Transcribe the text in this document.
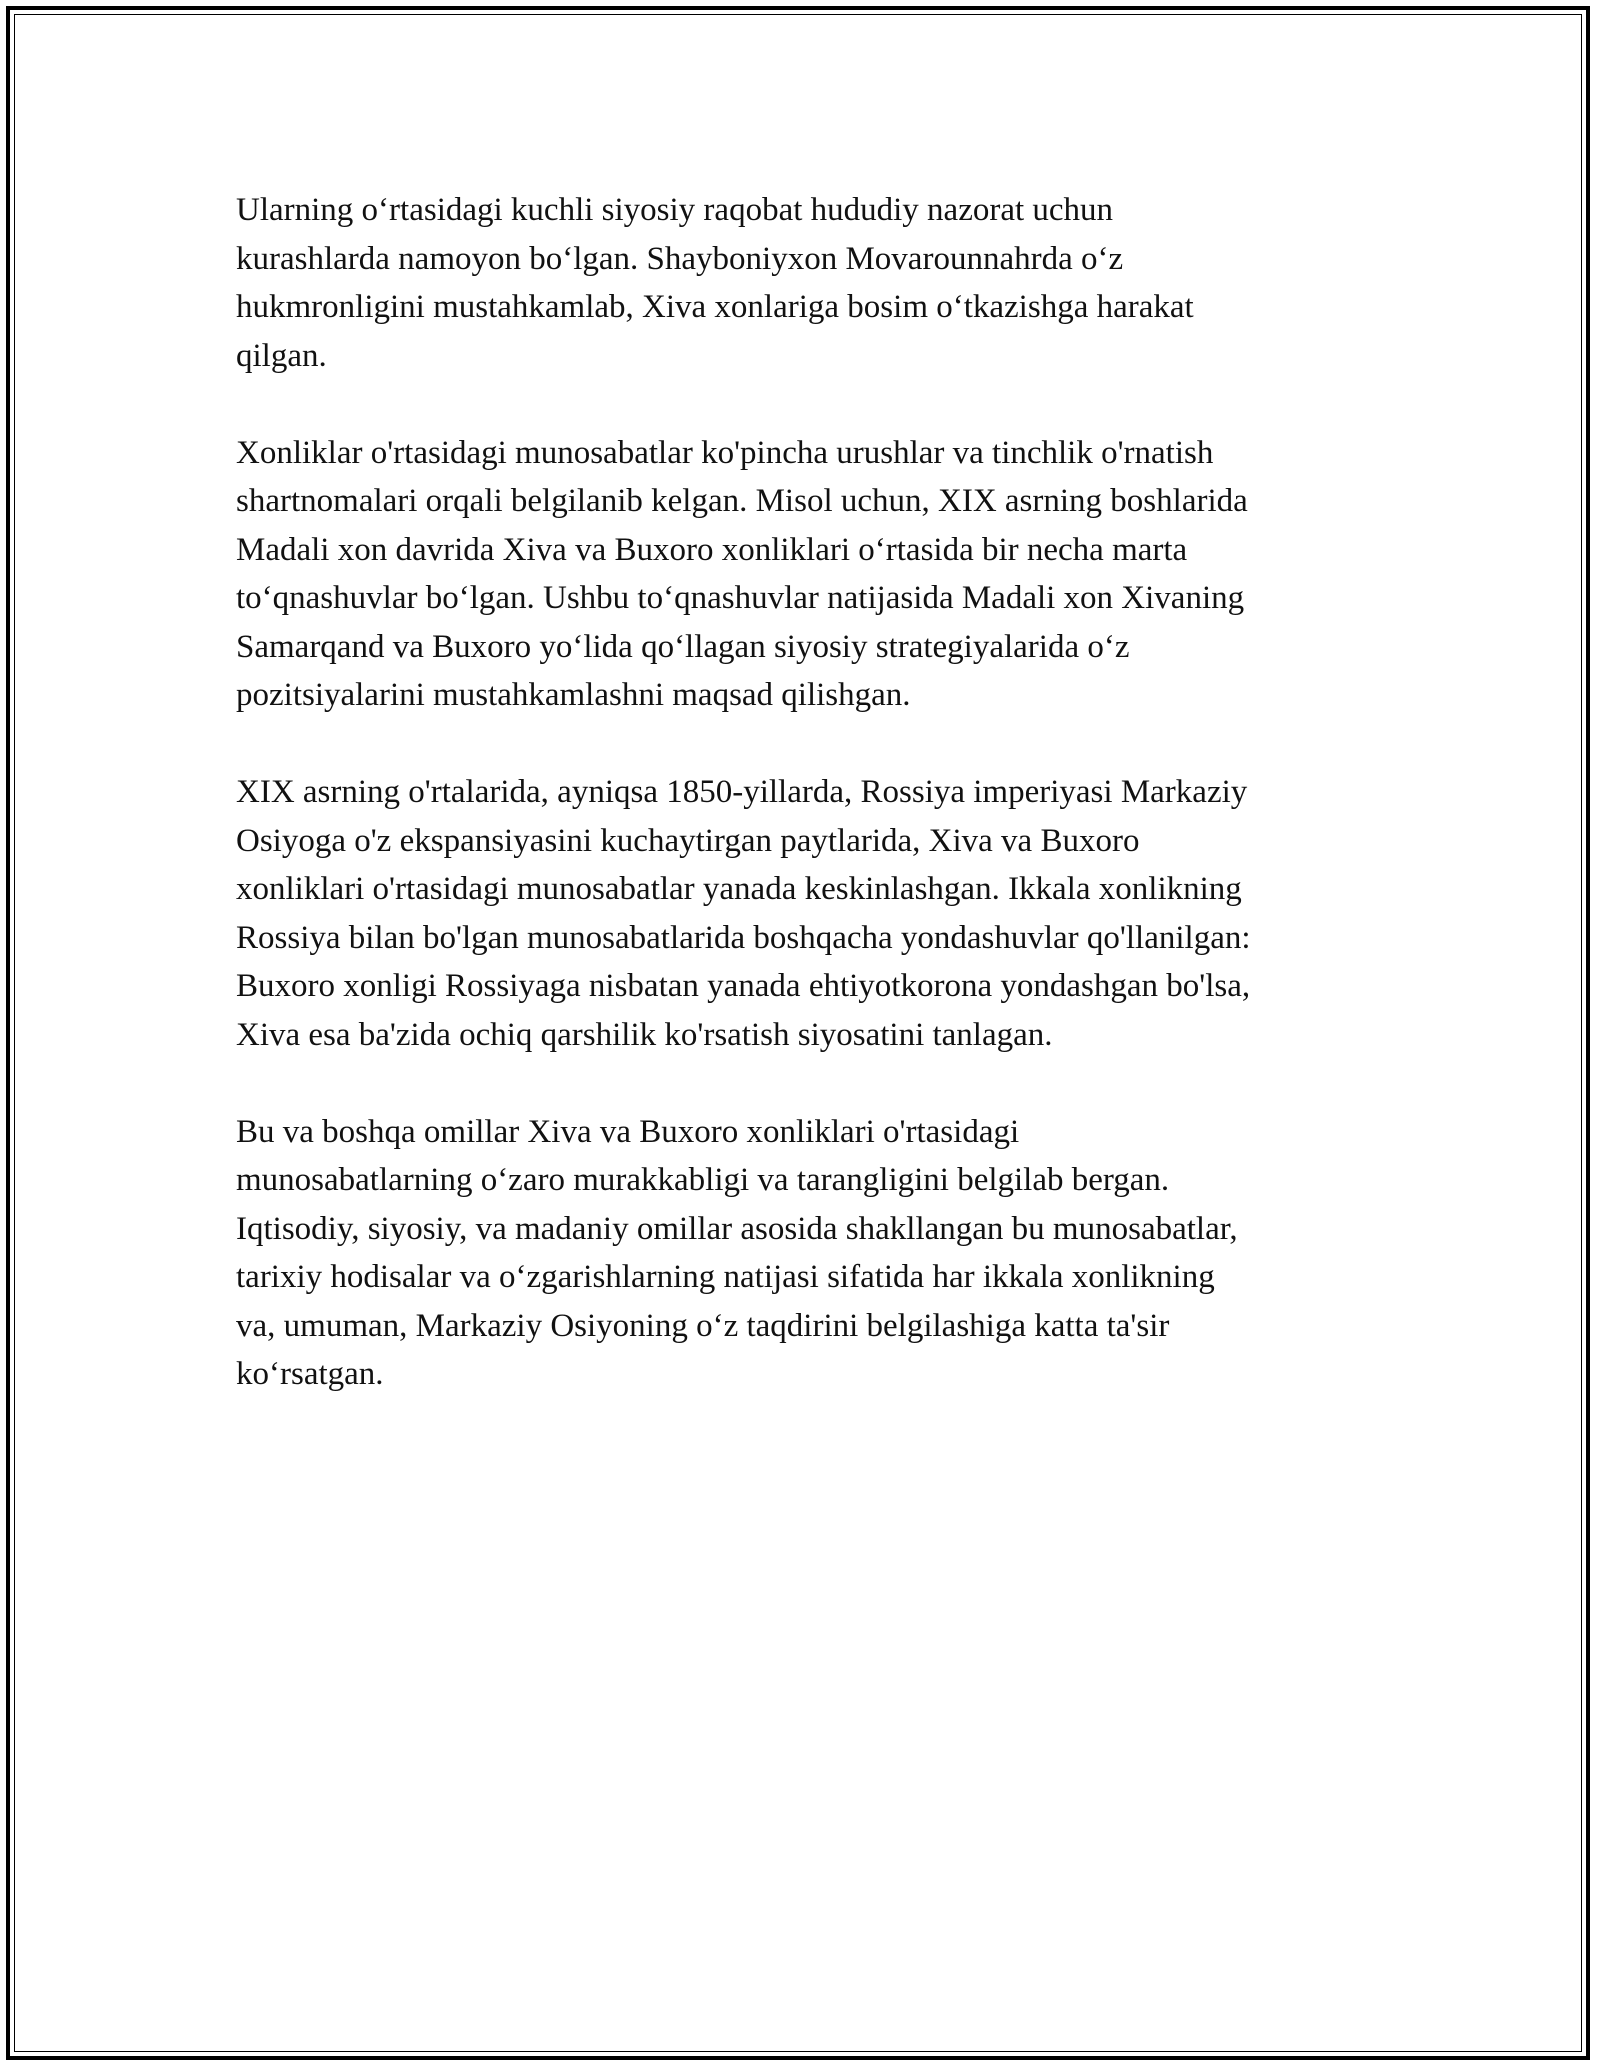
Ularning o‘rtasidagi kuchli siyosiy raqobat hududiy nazorat uchun
kurashlarda namoyon bo‘lgan. Shayboniyxon Movarounnahrda o‘z
hukmronligini mustahkamlab, Xiva xonlariga bosim o‘tkazishga harakat
qilgan.

Xonliklar o'rtasidagi munosabatlar ko'pincha urushlar va tinchlik o'rnatish
shartnomalari orqali belgilanib kelgan. Misol uchun, XIX asrning boshlarida
Madali xon davrida Xiva va Buxoro xonliklari o‘rtasida bir necha marta
to‘qnashuvlar bo‘lgan. Ushbu to‘qnashuvlar natijasida Madali xon Xivaning
Samarqand va Buxoro yo‘lida qo‘llagan siyosiy strategiyalarida o‘z
pozitsiyalarini mustahkamlashni maqsad qilishgan.

XIX asrning o'rtalarida, ayniqsa 1850-yillarda, Rossiya imperiyasi Markaziy
Osiyoga o'z ekspansiyasini kuchaytirgan paytlarida, Xiva va Buxoro
xonliklari o'rtasidagi munosabatlar yanada keskinlashgan. Ikkala xonlikning
Rossiya bilan bo'lgan munosabatlarida boshqacha yondashuvlar qo'llanilgan:
Buxoro xonligi Rossiyaga nisbatan yanada ehtiyotkorona yondashgan bo'lsa,
Xiva esa ba'zida ochiq qarshilik ko'rsatish siyosatini tanlagan.

Bu va boshqa omillar Xiva va Buxoro xonliklari o'rtasidagi
munosabatlarning o‘zaro murakkabligi va tarangligini belgilab bergan.
Iqtisodiy, siyosiy, va madaniy omillar asosida shakllangan bu munosabatlar,
tarixiy hodisalar va o‘zgarishlarning natijasi sifatida har ikkala xonlikning
va, umuman, Markaziy Osiyoning o‘z taqdirini belgilashiga katta ta'sir
ko‘rsatgan.
